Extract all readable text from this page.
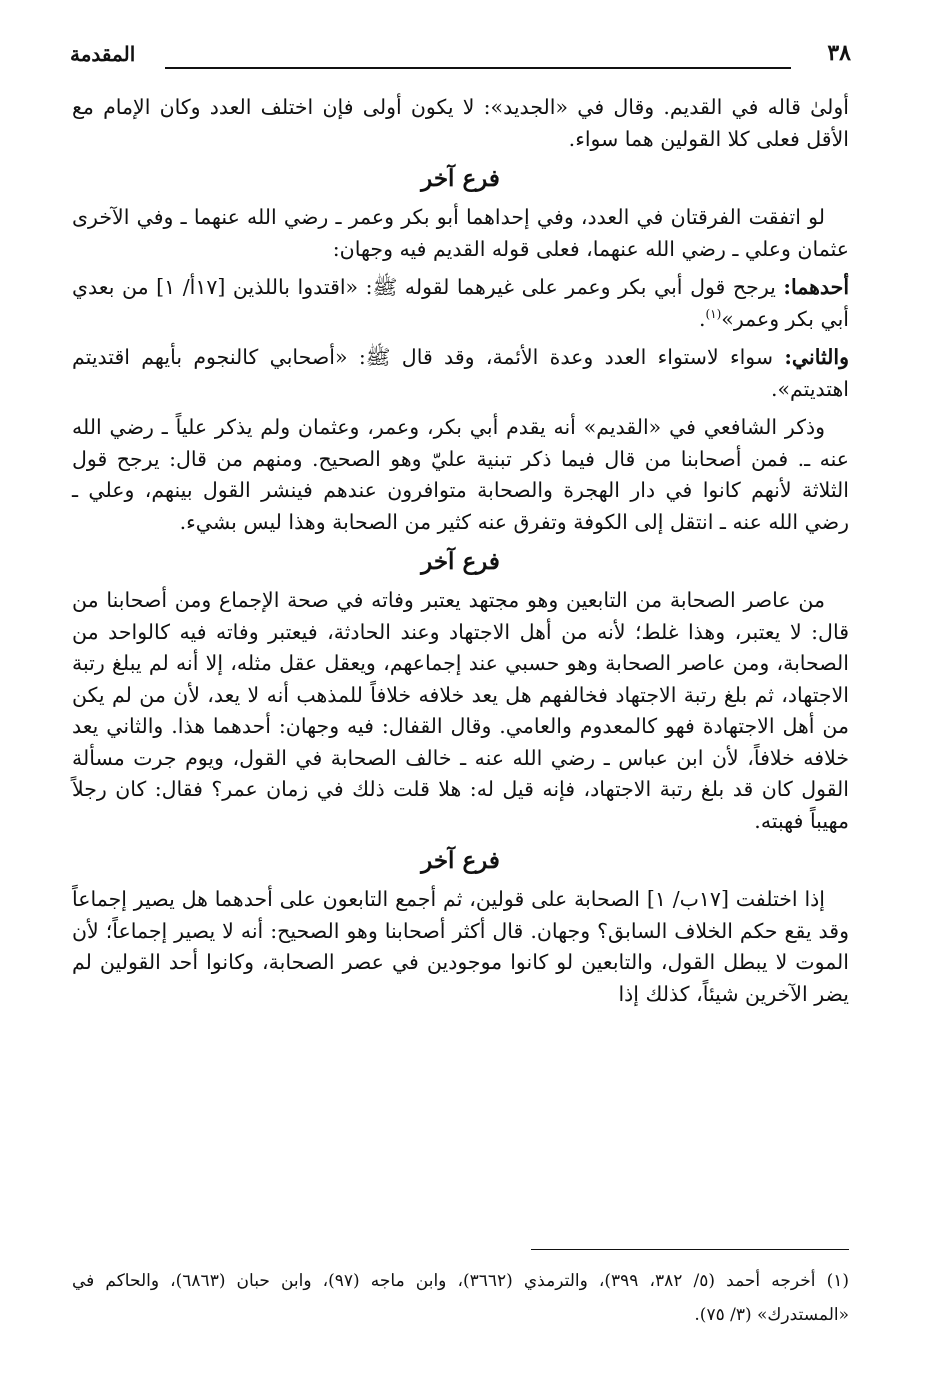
٣٨
المقدمة

أولىٰ قاله في القديم. وقال في «الجديد»: لا يكون أولى فإن اختلف العدد وكان الإمام مع الأقل فعلى كلا القولين هما سواء.

فرع آخر

لو اتفقت الفرقتان في العدد، وفي إحداهما أبو بكر وعمر ـ رضي الله عنهما ـ وفي الآخرى عثمان وعلي ـ رضي الله عنهما، فعلى قوله القديم فيه وجهان:

أحدهما: يرجح قول أبي بكر وعمر على غيرهما لقوله ﷺ: «اقتدوا باللذين [١٧أ/ ١] من بعدي أبي بكر وعمر»$^{(١)}$.

والثاني: سواء لاستواء العدد وعدة الأئمة، وقد قال ﷺ: «أصحابي كالنجوم بأيهم اقتديتم اهتديتم».

وذكر الشافعي في «القديم» أنه يقدم أبي بكر، وعمر، وعثمان ولم يذكر علياً ـ رضي الله عنه ـ. فمن أصحابنا من قال فيما ذكر تبنية عليّ وهو الصحيح. ومنهم من قال: يرجح قول الثلاثة لأنهم كانوا في دار الهجرة والصحابة متوافرون عندهم فينشر القول بينهم، وعلي ـ رضي الله عنه ـ انتقل إلى الكوفة وتفرق عنه كثير من الصحابة وهذا ليس بشيء.

فرع آخر

من عاصر الصحابة من التابعين وهو مجتهد يعتبر وفاته في صحة الإجماع ومن أصحابنا من قال: لا يعتبر، وهذا غلط؛ لأنه من أهل الاجتهاد وعند الحادثة، فيعتبر وفاته فيه كالواحد من الصحابة، ومن عاصر الصحابة وهو حسبي عند إجماعهم، ويعقل عقل مثله، إلا أنه لم يبلغ رتبة الاجتهاد، ثم بلغ رتبة الاجتهاد فخالفهم هل يعد خلافه خلافاً للمذهب أنه لا يعد، لأن من لم يكن من أهل الاجتهادة فهو كالمعدوم والعامي. وقال القفال: فيه وجهان: أحدهما هذا. والثاني يعد خلافه خلافاً، لأن ابن عباس ـ رضي الله عنه ـ خالف الصحابة في القول، ويوم جرت مسألة القول كان قد بلغ رتبة الاجتهاد، فإنه قيل له: هلا قلت ذلك في زمان عمر؟ فقال: كان رجلاً مهيباً فهبته.

فرع آخر

إذا اختلفت [١٧ب/ ١] الصحابة على قولين، ثم أجمع التابعون على أحدهما هل يصير إجماعاً وقد يقع حكم الخلاف السابق؟ وجهان. قال أكثر أصحابنا وهو الصحيح: أنه لا يصير إجماعاً؛ لأن الموت لا يبطل القول، والتابعين لو كانوا موجودين في عصر الصحابة، وكانوا أحد القولين لم يضر الآخرين شيئاً، كذلك إذا

(١) أخرجه أحمد (٥/ ٣٨٢، ٣٩٩)، والترمذي (٣٦٦٢)، وابن ماجه (٩٧)، وابن حبان (٦٨٦٣)، والحاكم في «المستدرك» (٣/ ٧٥).
